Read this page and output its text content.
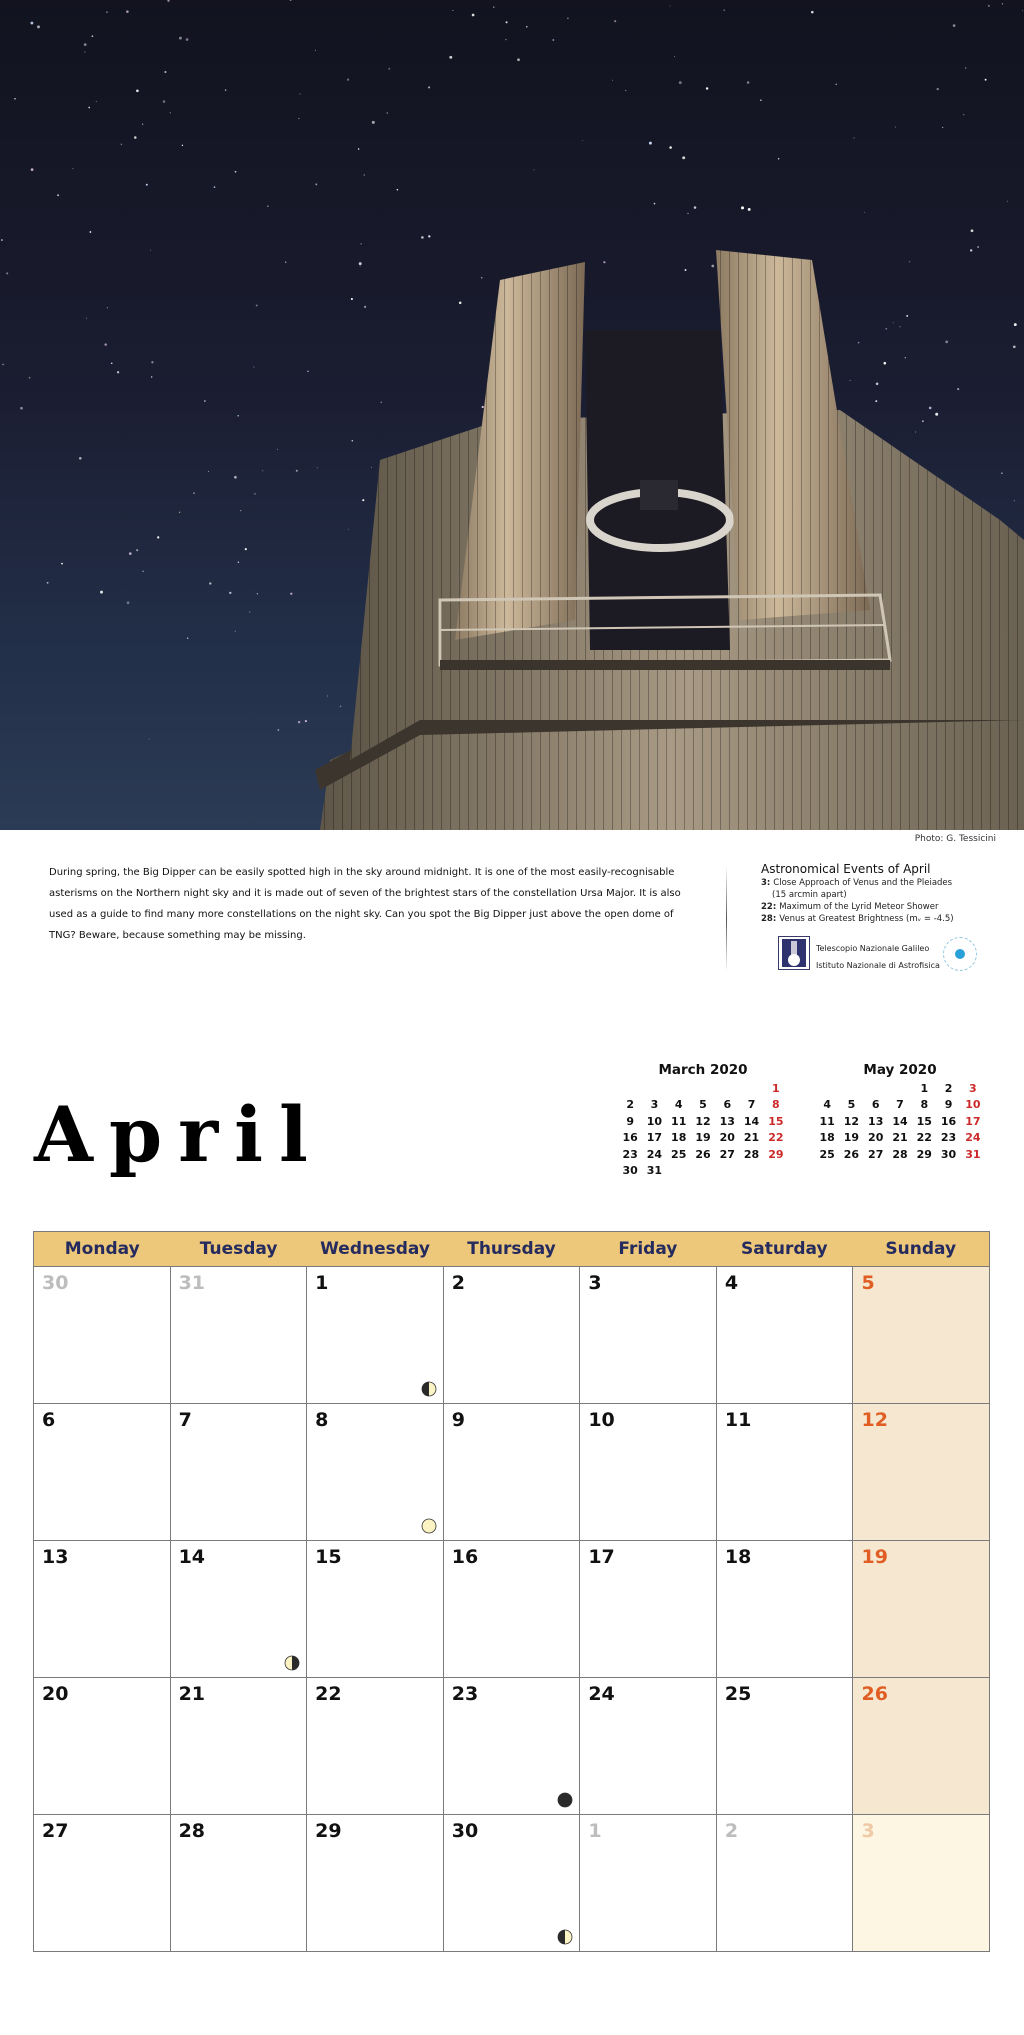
Photo: G. Tessicini
During spring, the Big Dipper can be easily spotted high in the sky around midnight. It is one of the most easily-recognisable asterisms on the Northern night sky and it is made out of seven of the brightest stars of the constellation Ursa Major. It is also used as a guide to find many more constellations on the night sky. Can you spot the Big Dipper just above the open dome of TNG? Beware, because something may be missing.
Astronomical Events of April
3: Close Approach of Venus and the Pleiades
(15 arcmin apart)
22: Maximum of the Lyrid Meteor Shower
28: Venus at Greatest Brightness (mᵥ = -4.5)
Telescopio Nazionale Galileo
Istituto Nazionale di Astrofisica
April
March 2020
						1
2	3	4	5	6	7	8
9	10	11	12	13	14	15
16	17	18	19	20	21	22
23	24	25	26	27	28	29
30	31					
May 2020
				1	2	3
4	5	6	7	8	9	10
11	12	13	14	15	16	17
18	19	20	21	22	23	24
25	26	27	28	29	30	31
Monday	Tuesday	Wednesday	Thursday	Friday	Saturday	Sunday
30	31	1	2	3	4	5
6	7	8	9	10	11	12
13	14	15	16	17	18	19
20	21	22	23	24	25	26
27	28	29	30	1	2	3
